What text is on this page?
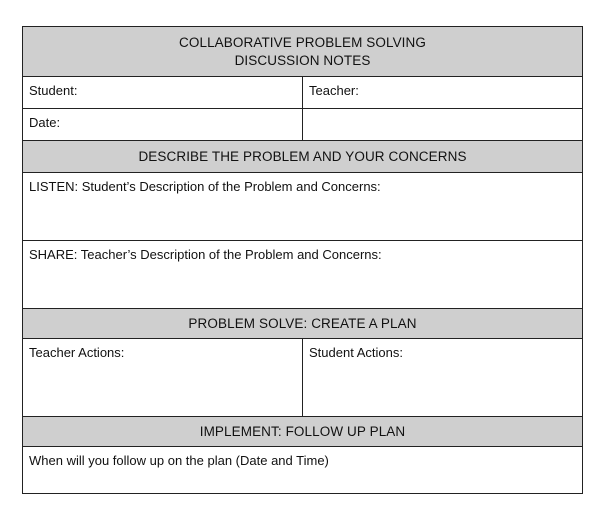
COLLABORATIVE PROBLEM SOLVING
DISCUSSION NOTES
Student:	Teacher:
Date:
DESCRIBE THE PROBLEM AND YOUR CONCERNS
LISTEN: Student’s Description of the Problem and Concerns:
SHARE: Teacher’s Description of the Problem and Concerns:
PROBLEM SOLVE: CREATE A PLAN
Teacher Actions:	Student Actions:
IMPLEMENT: FOLLOW UP PLAN
When will you follow up on the plan (Date and Time)
